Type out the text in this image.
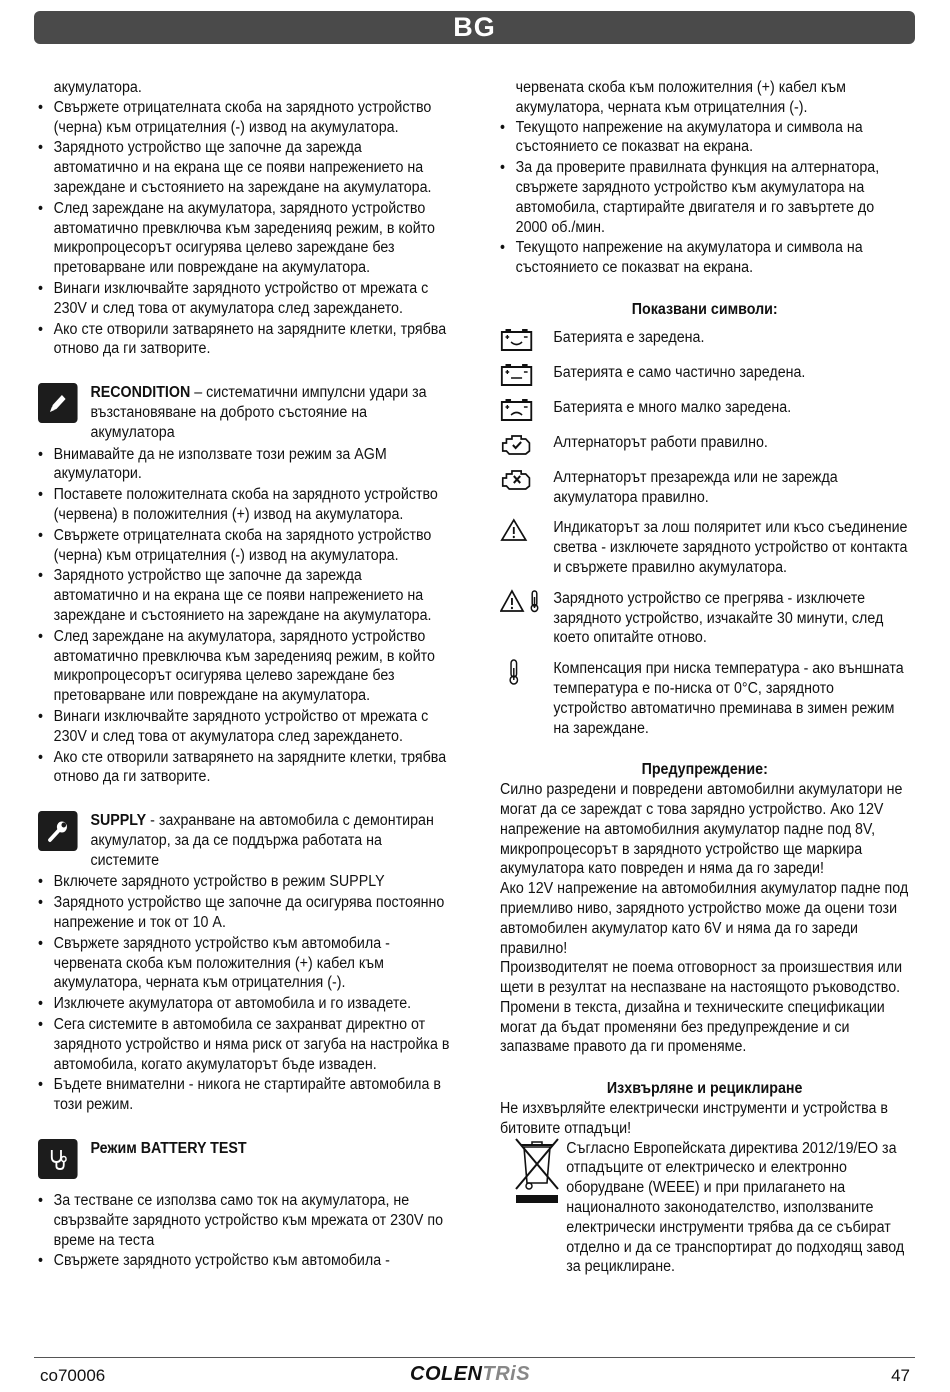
BG

акумулатора.

• Свържете отрицателната скоба на зарядното устройство (черна) към отрицателния (-) извод на акумулатора.
• Зарядното устройство ще започне да зарежда автоматично и на екрана ще се появи напрежението на зареждане и състоянието на зареждане на акумулатора.
• След зареждане на акумулатора, зарядното устройство автоматично превключва към зареденияq режим, в който микропроцесорът осигурява целево зареждане без претоварване или повреждане на акумулатора.
• Винаги изключвайте зарядното устройство от мрежата с 230V и след това от акумулатора след зареждането.
• Ако сте отворили затварянето на зарядните клетки, трябва отново да ги затворите.
RECONDITION – систематични импулсни удари за възстановяване на доброто състояние на акумулатора
• Внимавайте да не използвате този режим за AGM акумулатори.
• Поставете положителната скоба на зарядното устройство (червена) в положителния (+) извод на акумулатора.
• Свържете отрицателната скоба на зарядното устройство (черна) към отрицателния (-) извод на акумулатора.
• Зарядното устройство ще започне да зарежда автоматично и на екрана ще се появи напрежението на зареждане и състоянието на зареждане на акумулатора.
• След зареждане на акумулатора, зарядното устройство автоматично превключва към зареденияq режим, в който микропроцесорът осигурява целево зареждане без претоварване или повреждане на акумулатора.
• Винаги изключвайте зарядното устройство от мрежата с 230V и след това от акумулатора след зареждането.
• Ако сте отворили затварянето на зарядните клетки, трябва отново да ги затворите.
SUPPLY - захранване на автомобила с демонтиран акумулатор, за да се поддържа работата на системите
• Включете зарядното устройство в режим SUPPLY
• Зарядното устройство ще започне да осигурява постоянно напрежение и ток от 10 А.
• Свържете зарядното устройство към автомобила - червената скоба към положителния (+) кабел към акумулатора, черната към отрицателния (-).
• Изключете акумулатора от автомобила и го извадете.
• Сега системите в автомобила се захранват директно от зарядното устройство и няма риск от загуба на настройка в автомобила, когато акумулаторът бъде изваден.
• Бъдете внимателни - никога не стартирайте автомобила в този режим.
Режим BATTERY TEST
• За тестване се използва само ток на акумулатора, не свързвайте зарядното устройство към мрежата от 230V по време на теста
• Свържете зарядното устройство към автомобила -

червената скоба към положителния (+) кабел към акумулатора, черната към отрицателния (-).

• Текущото напрежение на акумулатора и символа на състоянието се показват на екрана.
• За да проверите правилната функция на алтернатора, свържете зарядното устройство към акумулатора на автомобила, стартирайте двигателя и го завъртете до 2000 об./мин.
• Текущото напрежение на акумулатора и символа на състоянието се показват на екрана.

Показвани символи:

Батерията е заредена.
Батерията е само частично заредена.
Батерията е много малко заредена.
Алтернаторът работи правилно.
Алтернаторът презарежда или не зарежда акумулатора правилно.
Индикаторът за лош поляритет или късо съединение светва - изключете зарядното устройство от контакта и свържете правилно акумулатора.
Зарядното устройство се прегрява - изключете зарядното устройство, изчакайте 30 минути, след което опитайте отново.
Компенсация при ниска температура - ако външната температура е по-ниска от 0°C, зарядното устройство автоматично преминава в зимен режим на зареждане.

Предупреждение:

Силно разредени и повредени автомобилни акумулатори не могат да се зареждат с това зарядно устройство. Ако 12V напрежение на автомобилния акумулатор падне под 8V, микропроцесорът в зарядното устройство ще маркира акумулатора като повреден и няма да го зареди!

Ако 12V напрежение на автомобилния акумулатор падне под приемливо ниво, зарядното устройство може да оцени този автомобилен акумулатор като 6V и няма да го зареди правилно!

Производителят не поема отговорност за произшествия или щети в резултат на неспазване на настоящото ръководство.

Промени в текста, дизайна и техническите спецификации могат да бъдат променяни без предупреждение и си запазваме правото да ги променяме.

Изхвърляне и рециклиране

Не изхвърляйте електрически инструменти и устройства в битовите отпадъци!

Съгласно Европейската директива 2012/19/ЕО за отпадъците от електрическо и електронно оборудване (WEEE) и при прилагането на националното законодателство, използваните електрически инструменти трябва да се събират отделно и да се транспортират до подходящ завод за рециклиране.

co70006	COLENTRiS	47
